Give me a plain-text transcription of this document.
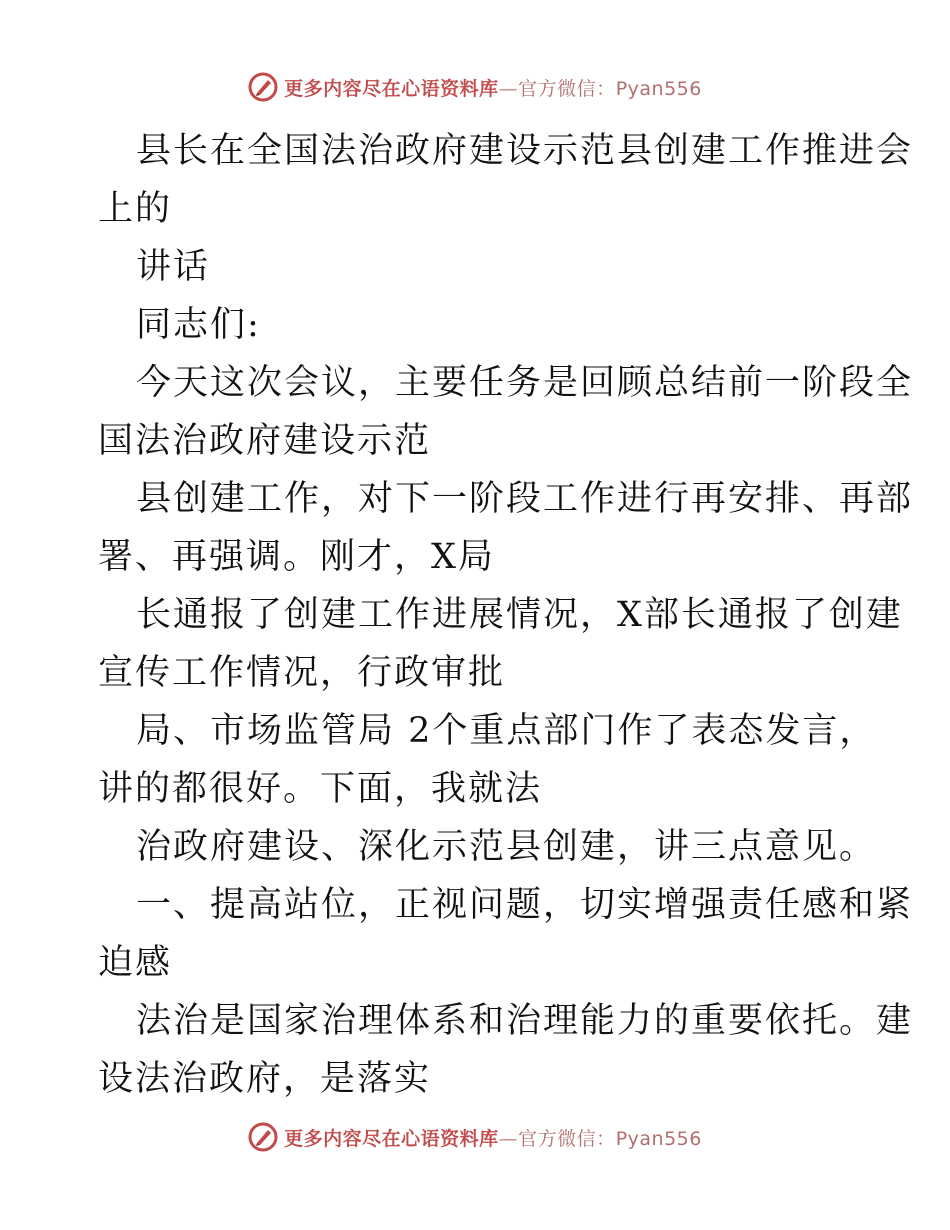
更多内容尽在心语资料库—官方微信：Pyan556
县长在全国法治政府建设示范县创建工作推进会
上的
讲话
同志们:
今天这次会议，主要任务是回顾总结前一阶段全
国法治政府建设示范
县创建工作，对下一阶段工作进行再安排、再部
署、再强调。刚才，X局
长通报了创建工作进展情况，X部长通报了创建
宣传工作情况，行政审批
局、市场监管局 2个重点部门作了表态发言，
讲的都很好。下面，我就法
治政府建设、深化示范县创建，讲三点意见。
一、提高站位，正视问题，切实增强责任感和紧
迫感
法治是国家治理体系和治理能力的重要依托。建
设法治政府，是落实
更多内容尽在心语资料库—官方微信：Pyan556
